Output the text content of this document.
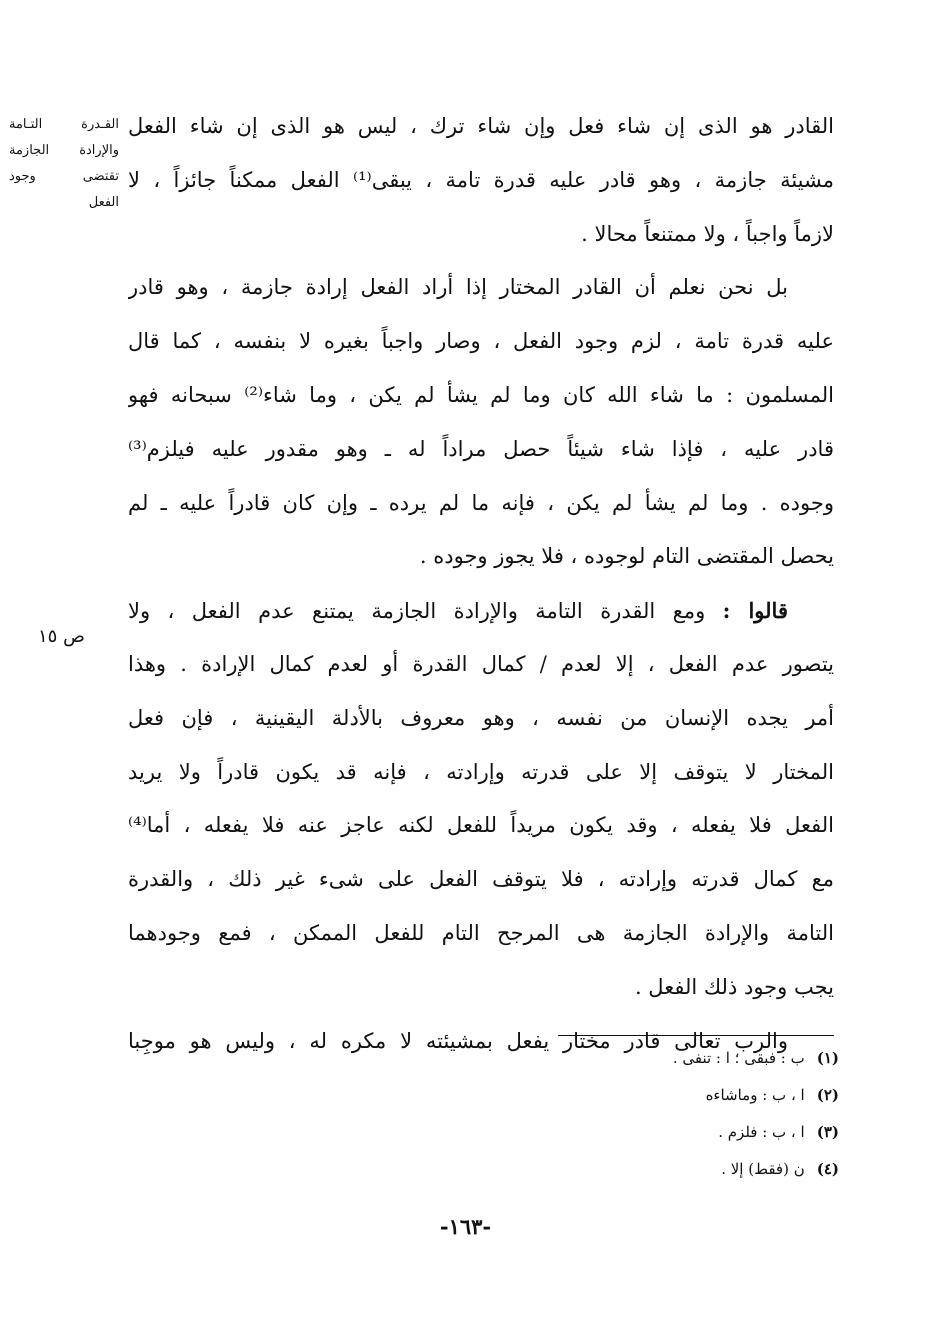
القـدرة التـامة
والإرادة الجازمة
تقتضى وجود
الفعل
ص ١٥
القادر هو الذى إن شاء فعل وإن شاء ترك ، ليس هو الذى إن شاء الفعل
مشيئة جازمة ، وهو قادر عليه قدرة تامة ، يبقى⁽¹⁾ الفعل ممكناً جائزاً ، لا
لازماً واجباً ، ولا ممتنعاً محالا .
بل نحن نعلم أن القادر المختار إذا أراد الفعل إرادة جازمة ، وهو قادر
عليه قدرة تامة ، لزم وجود الفعل ، وصار واجباً بغيره لا بنفسه ، كما قال
المسلمون : ما شاء الله كان وما لم يشأ لم يكن ، وما شاء⁽²⁾ سبحانه فهو
قادر عليه ، فإذا شاء شيئاً حصل مراداً له ـ وهو مقدور عليه فيلزم⁽³⁾
وجوده . وما لم يشأ لم يكن ، فإنه ما لم يرده ـ وإن كان قادراً عليه ـ لم
يحصل المقتضى التام لوجوده ، فلا يجوز وجوده .
قالوا : ومع القدرة التامة والإرادة الجازمة يمتنع عدم الفعل ، ولا
يتصور عدم الفعل ، إلا لعدم / كمال القدرة أو لعدم كمال الإرادة . وهذا
أمر يجده الإنسان من نفسه ، وهو معروف بالأدلة اليقينية ، فإن فعل
المختار لا يتوقف إلا على قدرته وإرادته ، فإنه قد يكون قادراً ولا يريد
الفعل فلا يفعله ، وقد يكون مريداً للفعل لكنه عاجز عنه فلا يفعله ، أما⁽⁴⁾
مع كمال قدرته وإرادته ، فلا يتوقف الفعل على شىء غير ذلك ، والقدرة
التامة والإرادة الجازمة هى المرجح التام للفعل الممكن ، فمع وجودهما
يجب وجود ذلك الفعل .
والرب تعالى قادر مختار يفعل بمشيئته لا مكره له ، وليس هو موجِبا
(١)ب : فبقى ؛ ا : تنفى .
(٢)ا ، ب : وماشاءه
(٣)ا ، ب : فلزم .
(٤)ن (فقط) إلا .
-١٦٣-
